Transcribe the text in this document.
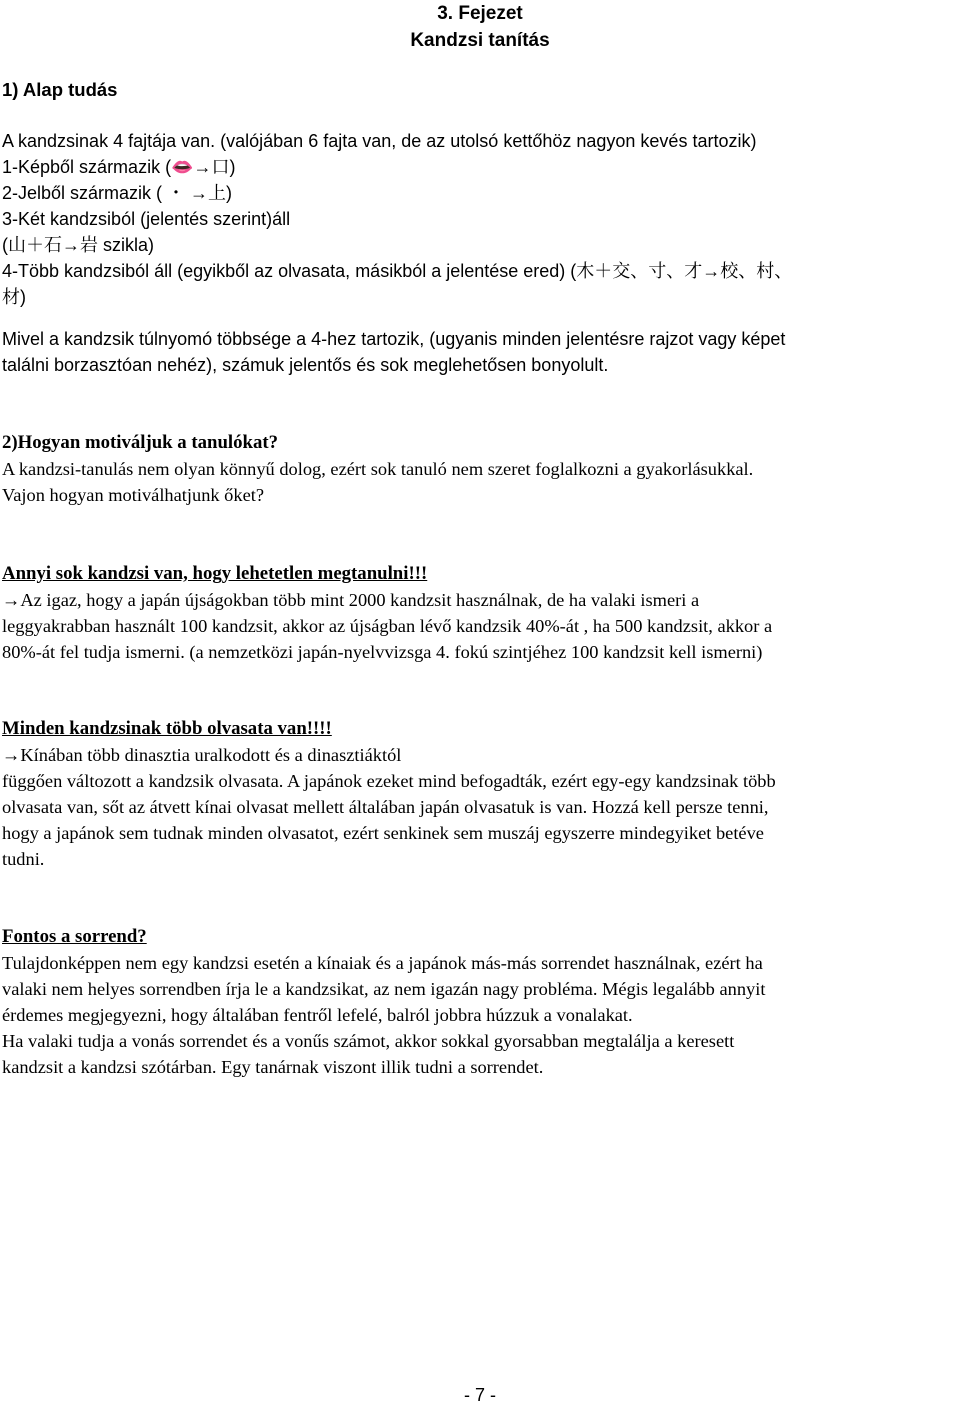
3. Fejezet
Kandzsi tanítás
1) Alap tudás
A kandzsinak 4 fajtája van. (valójában 6 fajta van, de az utolsó kettőhöz nagyon kevés tartozik)
1-Képből származik (👄→口)
2-Jelből származik ( ・ →上)
3-Két kandzsiból (jelentés szerint)áll
(山＋石→岩 szikla)
4-Több kandzsiból áll (egyikből az olvasata, másikból a jelentése ered) (木＋交、寸、才→校、村、
材)
Mivel a kandzsik túlnyomó többsége a 4-hez tartozik, (ugyanis minden jelentésre rajzot vagy képet
találni borzasztóan nehéz), számuk jelentős és sok meglehetősen bonyolult.
2)Hogyan motiváljuk a tanulókat?
A kandzsi-tanulás nem olyan könnyű dolog, ezért sok tanuló nem szeret foglalkozni a gyakorlásukkal.
Vajon hogyan motiválhatjunk őket?
Annyi sok kandzsi van, hogy lehetetlen megtanulni!!!
→Az igaz, hogy a japán újságokban több mint 2000 kandzsit használnak, de ha valaki ismeri a
leggyakrabban használt 100 kandzsit, akkor az újságban lévő kandzsik 40%-át , ha 500 kandzsit, akkor a
80%-át fel tudja ismerni. (a nemzetközi japán-nyelvvizsga 4. fokú szintjéhez 100 kandzsit kell ismerni)
Minden kandzsinak több olvasata van!!!!
→Kínában több dinasztia uralkodott és a dinasztiáktól
függően változott a kandzsik olvasata. A japánok ezeket mind befogadták, ezért egy-egy kandzsinak több
olvasata van, sőt az átvett kínai olvasat mellett általában japán olvasatuk is van. Hozzá kell persze tenni,
hogy a japánok sem tudnak minden olvasatot, ezért senkinek sem muszáj egyszerre mindegyiket betéve
tudni.
Fontos a sorrend?
Tulajdonképpen nem egy kandzsi esetén a kínaiak és a japánok más-más sorrendet használnak, ezért ha
valaki nem helyes sorrendben írja le a kandzsikat, az nem igazán nagy probléma. Mégis legalább annyit
érdemes megjegyezni, hogy általában fentről lefelé, balról jobbra húzzuk a vonalakat.
Ha valaki tudja a vonás sorrendet és a vonűs számot, akkor sokkal gyorsabban megtalálja a keresett
kandzsit a kandzsi szótárban. Egy tanárnak viszont illik tudni a sorrendet.
- 7 -
